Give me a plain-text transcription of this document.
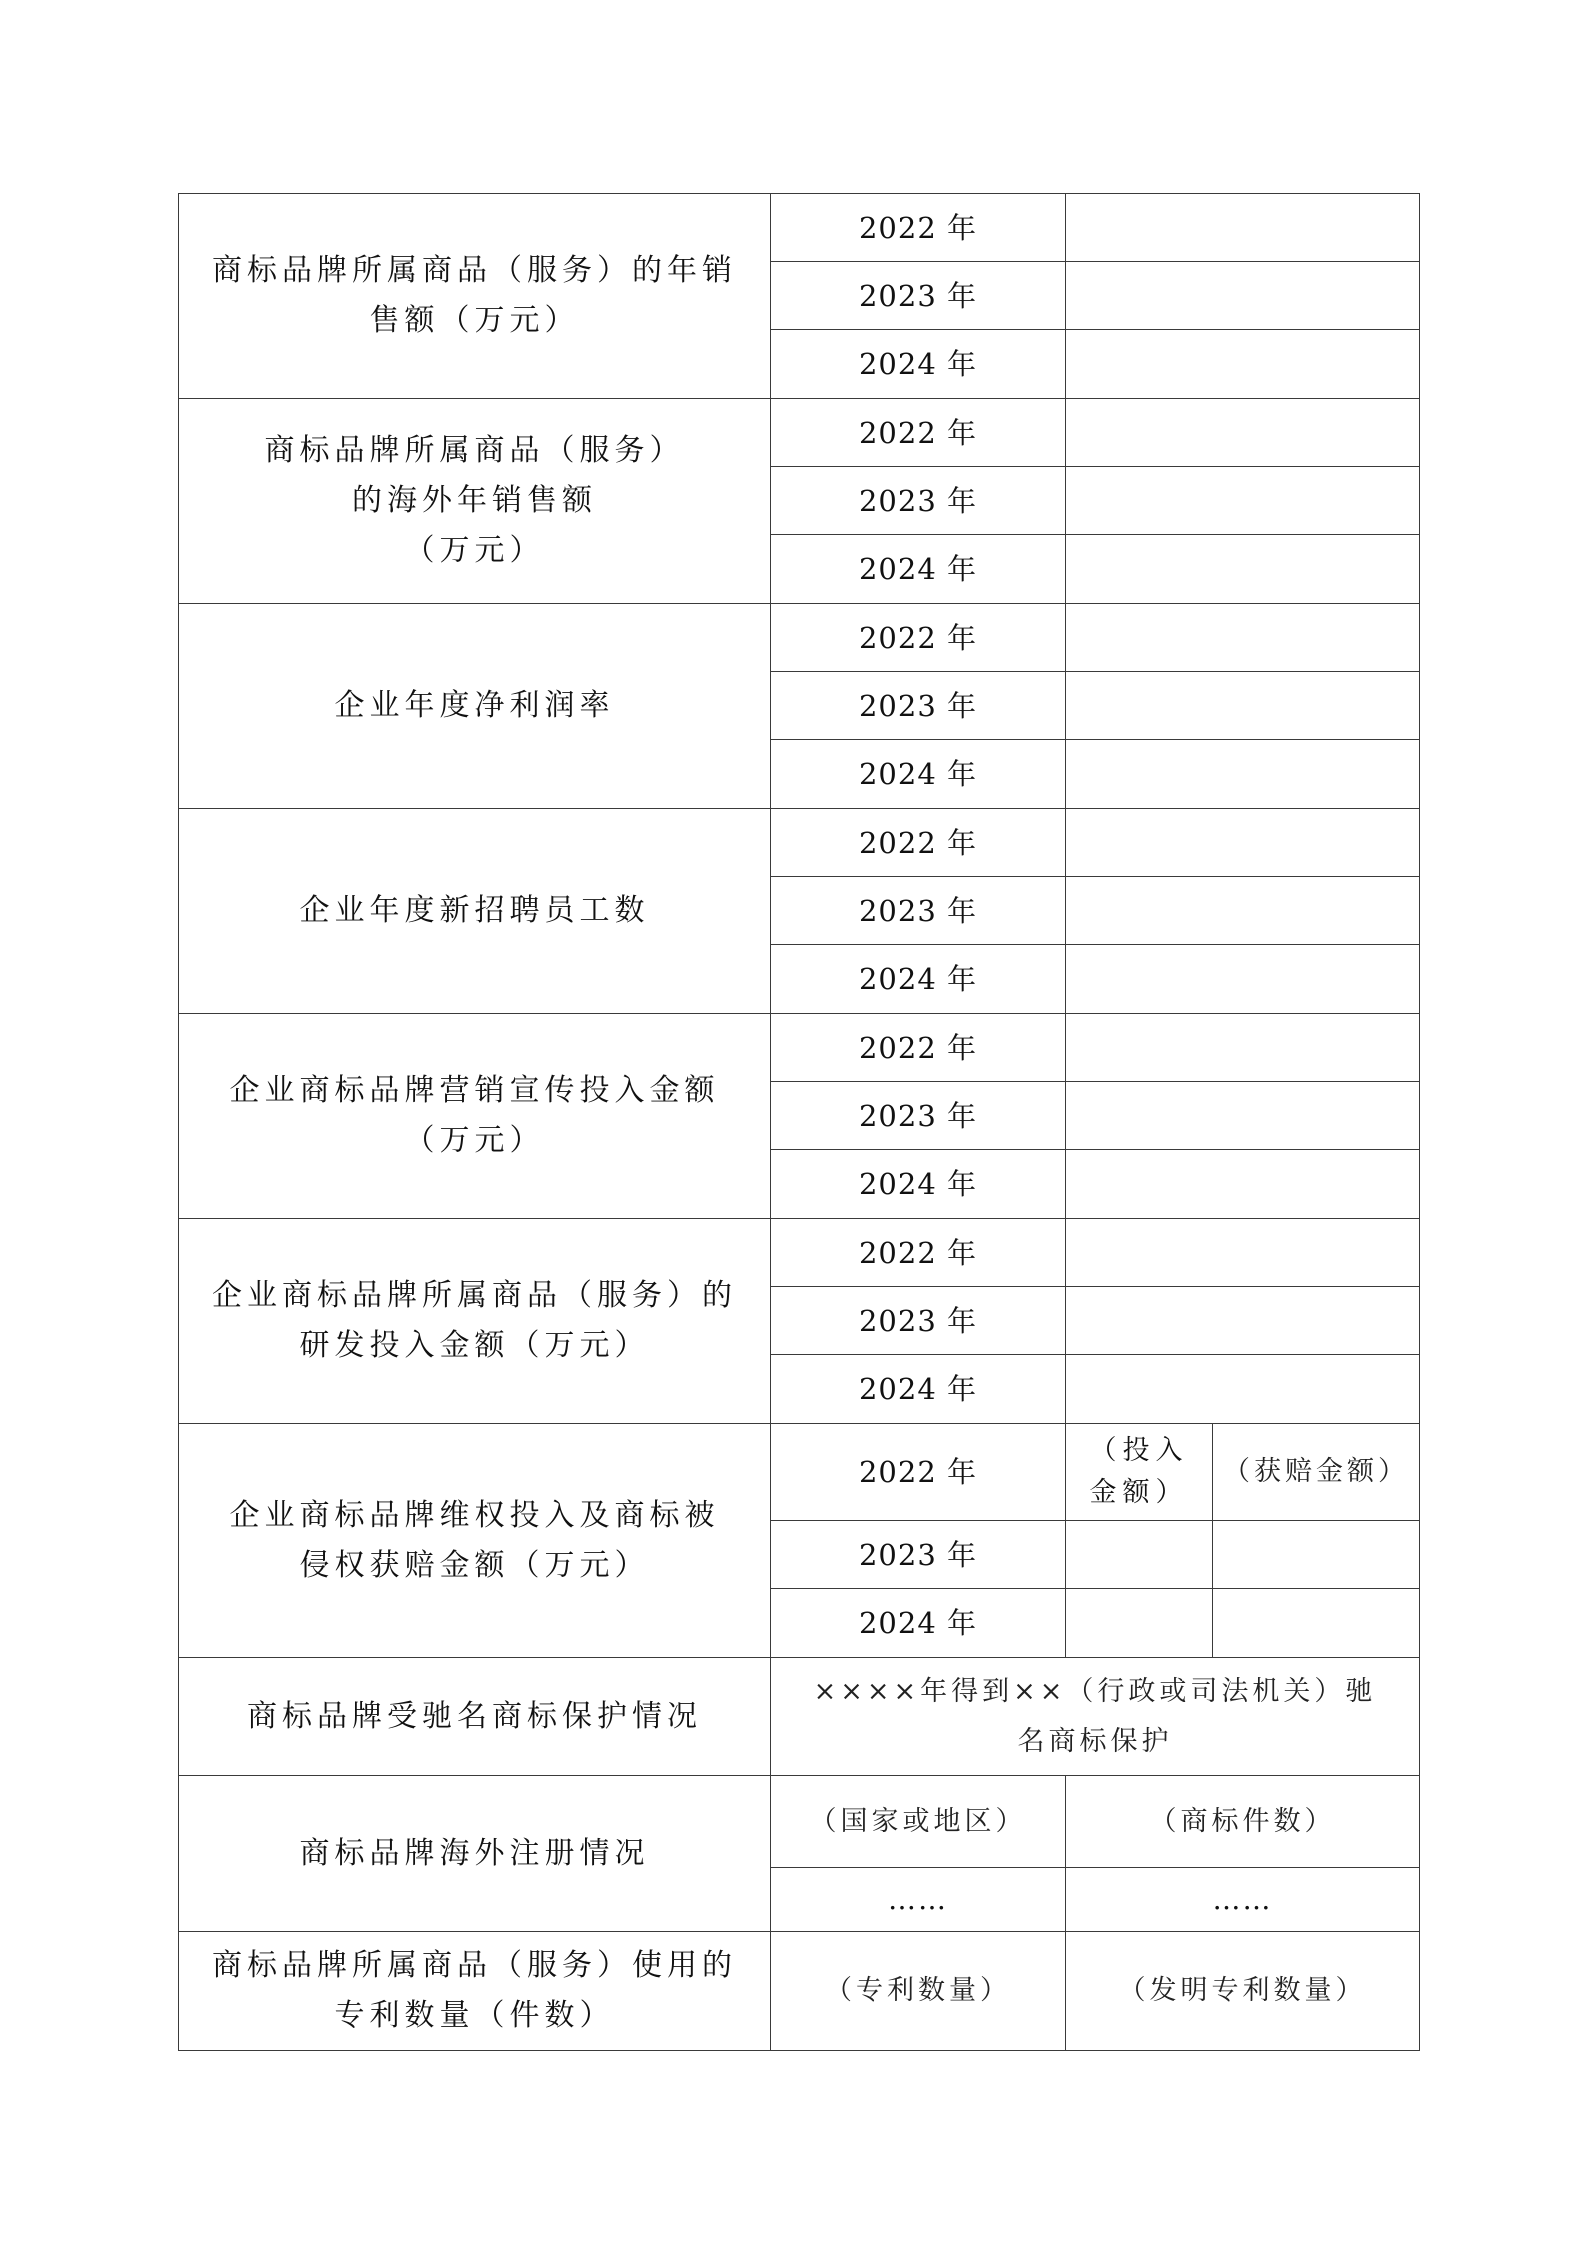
商标品牌所属商品（服务）的年销
售额（万元）	2022 年		
	2023 年		
	2024 年		

商标品牌所属商品（服务）
的海外年销售额
（万元）	2022 年		
	2023 年		
	2024 年		

企业年度净利润率	2022 年		
	2023 年		
	2024 年		

企业年度新招聘员工数	2022 年		
	2023 年		
	2024 年		

企业商标品牌营销宣传投入金额
（万元）	2022 年		
	2023 年		
	2024 年		

企业商标品牌所属商品（服务）的
研发投入金额（万元）	2022 年		
	2023 年		
	2024 年		

企业商标品牌维权投入及商标被
侵权获赔金额（万元）	2022 年	（投入
金额）	（获赔金额）
	2023 年		
	2024 年		
商标品牌受驰名商标保护情况	××××年得到××（行政或司法机关）驰
名商标保护		

商标品牌海外注册情况	（国家或地区）	（商标件数）	
	……	……	

商标品牌所属商品（服务）使用的
专利数量（件数）	（专利数量）	（发明专利数量）	
